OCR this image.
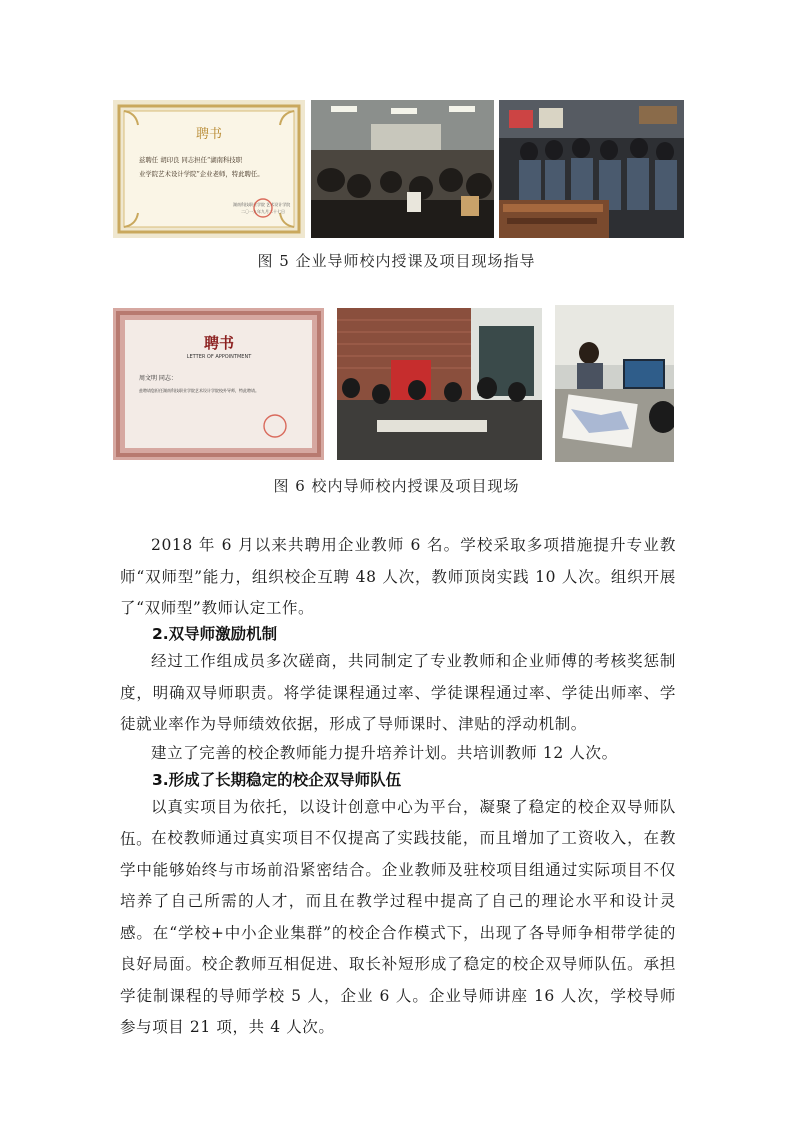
聘书
兹聘任 胡印良 同志担任“湖南科技职
业学院艺术设计学院”企业老师，特此聘任。
湖南科技职业学院 艺术设计学院
二〇一九年九月二十七日
图 5 企业导师校内授课及项目现场指导
聘书
LETTER OF APPOINTMENT
周文明 同志：
兹聘请您担任湖南科技职业学院艺术设计学院校外导师，特此聘请。
图 6 校内导师校内授课及项目现场

2018 年 6 月以来共聘用企业教师 6 名。学校采取多项措施提升专业教师“双师型”能力，组织校企互聘 48 人次，教师顶岗实践 10 人次。组织开展了“双师型”教师认定工作。

2.双导师激励机制

经过工作组成员多次磋商，共同制定了专业教师和企业师傅的考核奖惩制度，明确双导师职责。将学徒课程通过率、学徒课程通过率、学徒出师率、学徒就业率作为导师绩效依据，形成了导师课时、津贴的浮动机制。

建立了完善的校企教师能力提升培养计划。共培训教师 12 人次。

3.形成了长期稳定的校企双导师队伍

以真实项目为依托，以设计创意中心为平台，凝聚了稳定的校企双导师队伍。

在校教师通过真实项目不仅提高了实践技能，而且增加了工资收入，在教学中能够始终与市场前沿紧密结合。企业教师及驻校项目组通过实际项目不仅培养了自己所需的人才，而且在教学过程中提高了自己的理论水平和设计灵感。在“学校+中小企业集群”的校企合作模式下，出现了各导师争相带学徒的良好局面。校企教师互相促进、取长补短形成了稳定的校企双导师队伍。承担学徒制课程的导师学校 5 人，企业 6 人。企业导师讲座 16 人次，学校导师参与项目 21 项，共 4 人次。
